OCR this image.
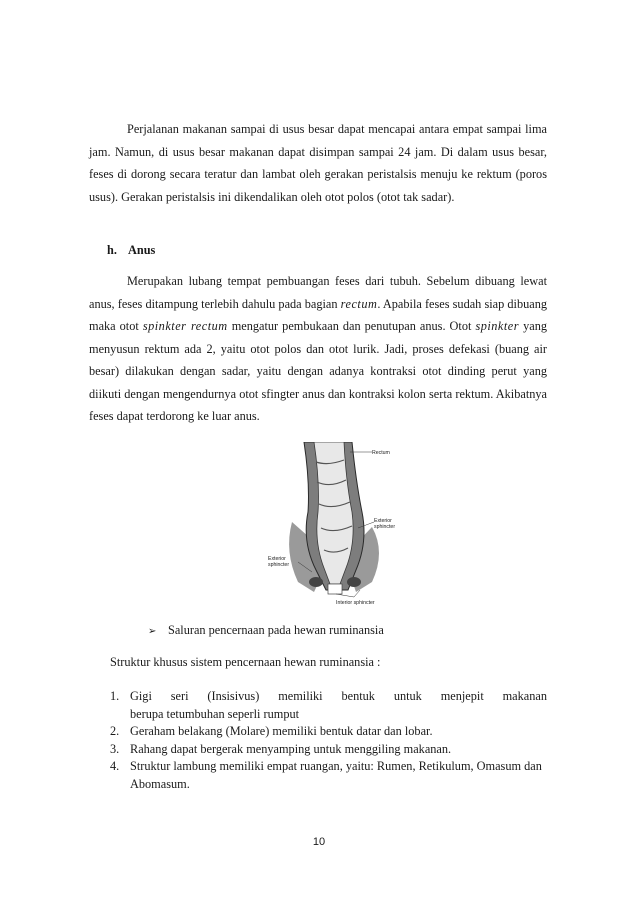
Perjalanan makanan sampai di usus besar dapat mencapai antara empat sampai lima jam. Namun, di usus besar makanan dapat disimpan sampai 24 jam. Di dalam usus besar, feses di dorong secara teratur dan lambat oleh gerakan peristalsis menuju ke rektum (poros usus). Gerakan peristalsis ini dikendalikan oleh otot polos (otot tak sadar).

h. Anus

Merupakan lubang tempat pembuangan feses dari tubuh. Sebelum dibuang lewat anus, feses ditampung terlebih dahulu pada bagian rectum. Apabila feses sudah siap dibuang maka otot spinkter rectum mengatur pembukaan dan penutupan anus. Otot spinkter yang menyusun rektum ada 2, yaitu otot polos dan otot lurik. Jadi, proses defekasi (buang air besar) dilakukan dengan sadar, yaitu dengan adanya kontraksi otot dinding perut yang diikuti dengan mengendurnya otot sfingter anus dan kontraksi kolon serta rektum. Akibatnya feses dapat terdorong ke luar anus.

Rectum
Exterior
sphincter
Exterior
sphincter
Interior sphincter
➢ Saluran pencernaan pada hewan ruminansia
Struktur khusus sistem pencernaan hewan ruminansia :
1. Gigi seri (Insisivus) memiliki bentuk untuk menjepit makanan
berupa tetumbuhan seperli rumput
2. Geraham belakang (Molare) memiliki bentuk datar dan lobar.
3. Rahang dapat bergerak menyamping untuk menggiling makanan.
4. Struktur lambung memiliki empat ruangan, yaitu: Rumen, Retikulum, Omasum dan Abomasum.
10
